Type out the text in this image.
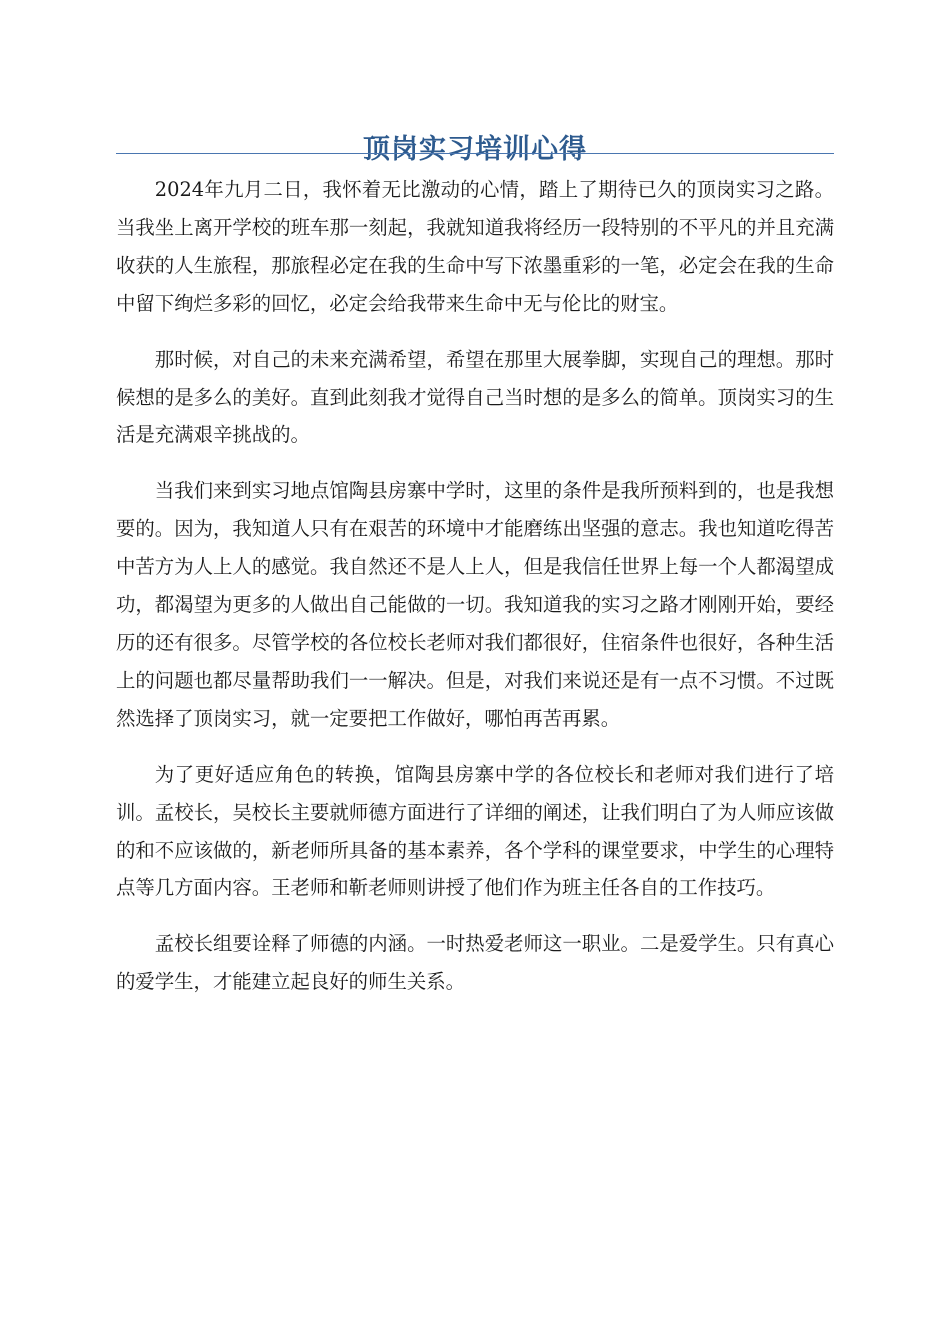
顶岗实习培训心得

2024年九月二日，我怀着无比激动的心情，踏上了期待已久的顶岗实习之路。当我坐上离开学校的班车那一刻起，我就知道我将经历一段特别的不平凡的并且充满收获的人生旅程，那旅程必定在我的生命中写下浓墨重彩的一笔，必定会在我的生命中留下绚烂多彩的回忆，必定会给我带来生命中无与伦比的财宝。

那时候，对自己的未来充满希望，希望在那里大展拳脚，实现自己的理想。那时候想的是多么的美好。直到此刻我才觉得自己当时想的是多么的简单。顶岗实习的生活是充满艰辛挑战的。

当我们来到实习地点馆陶县房寨中学时，这里的条件是我所预料到的，也是我想要的。因为，我知道人只有在艰苦的环境中才能磨练出坚强的意志。我也知道吃得苦中苦方为人上人的感觉。我自然还不是人上人，但是我信任世界上每一个人都渴望成功，都渴望为更多的人做出自己能做的一切。我知道我的实习之路才刚刚开始，要经历的还有很多。尽管学校的各位校长老师对我们都很好，住宿条件也很好，各种生活上的问题也都尽量帮助我们一一解决。但是，对我们来说还是有一点不习惯。不过既然选择了顶岗实习，就一定要把工作做好，哪怕再苦再累。

为了更好适应角色的转换，馆陶县房寨中学的各位校长和老师对我们进行了培训。孟校长，吴校长主要就师德方面进行了详细的阐述，让我们明白了为人师应该做的和不应该做的，新老师所具备的基本素养，各个学科的课堂要求，中学生的心理特点等几方面内容。王老师和靳老师则讲授了他们作为班主任各自的工作技巧。

孟校长组要诠释了师德的内涵。一时热爱老师这一职业。二是爱学生。只有真心的爱学生，才能建立起良好的师生关系。
